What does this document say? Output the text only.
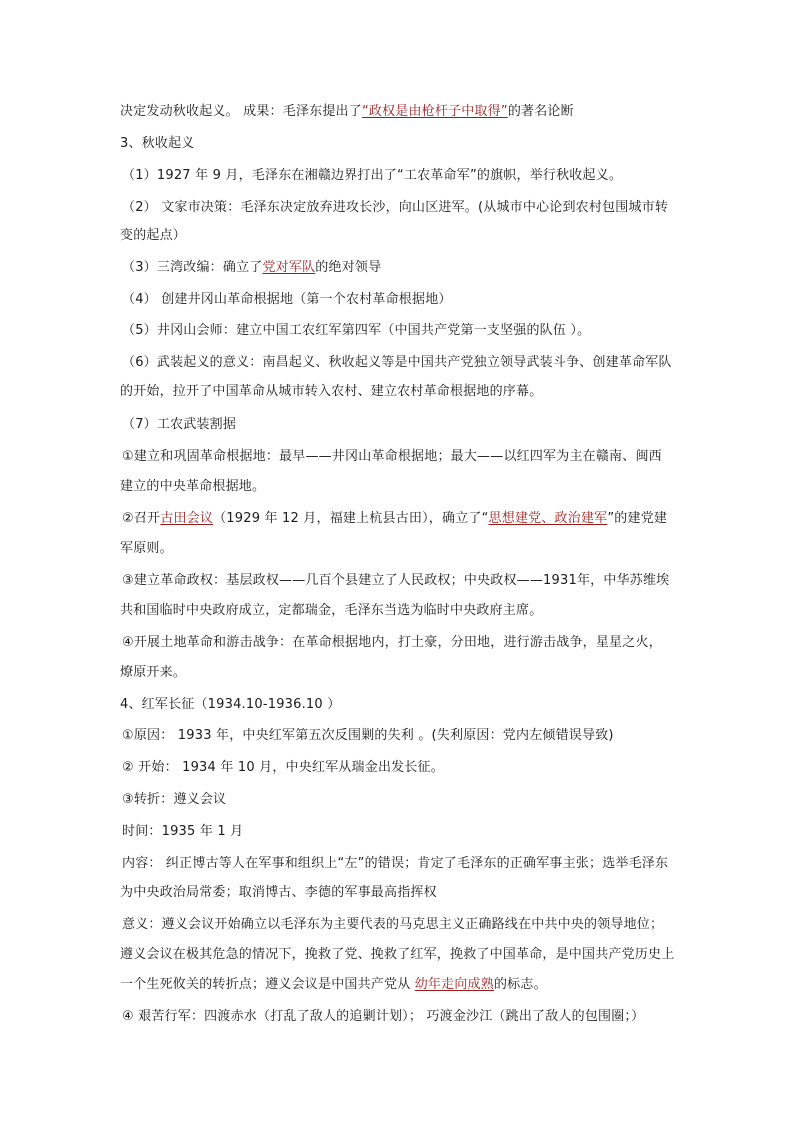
决定发动秋收起义。 成果：毛泽东提出了“政权是由枪杆子中取得”的著名论断
3、秋收起义
（1）1927 年 9 月，毛泽东在湘赣边界打出了“工农革命军”的旗帜，举行秋收起义。
（2） 文家市决策：毛泽东决定放弃进攻长沙，向山区进军。(从城市中心论到农村包围城市转
变的起点）
（3）三湾改编：确立了党对军队的绝对领导
（4） 创建井冈山革命根据地（第一个农村革命根据地）
（5）井冈山会师：建立中国工农红军第四军（中国共产党第一支坚强的队伍 ）。
（6）武装起义的意义：南昌起义、秋收起义等是中国共产党独立领导武装斗争、创建革命军队
的开始，拉开了中国革命从城市转入农村、建立农村革命根据地的序幕。
（7）工农武装割据
①建立和巩固革命根据地：最早——井冈山革命根据地；最大——以红四军为主在赣南、闽西
建立的中央革命根据地。
②召开古田会议（1929 年 12 月，福建上杭县古田），确立了“思想建党、政治建军”的建党建
军原则。
③建立革命政权：基层政权——几百个县建立了人民政权；中央政权——1931年，中华苏维埃
共和国临时中央政府成立，定都瑞金，毛泽东当选为临时中央政府主席。
④开展土地革命和游击战争：在革命根据地内，打土豪，分田地，进行游击战争，星星之火，
燎原开来。
4、红军长征（1934.10-1936.10 ）
①原因： 1933 年，中央红军第五次反围剿的失利 。(失利原因：党内左倾错误导致)
② 开始： 1934 年 10 月，中央红军从瑞金出发长征。
③转折：遵义会议
时间：1935 年 1 月
内容： 纠正博古等人在军事和组织上“左”的错误；肯定了毛泽东的正确军事主张；选举毛泽东
为中央政治局常委；取消博古、李德的军事最高指挥权
意义：遵义会议开始确立以毛泽东为主要代表的马克思主义正确路线在中共中央的领导地位；
遵义会议在极其危急的情况下，挽救了党、挽救了红军，挽救了中国革命，是中国共产党历史上
一个生死攸关的转折点；遵义会议是中国共产党从 幼年走向成熟的标志。
④ 艰苦行军：四渡赤水（打乱了敌人的追剿计划）； 巧渡金沙江（跳出了敌人的包围圈；）
